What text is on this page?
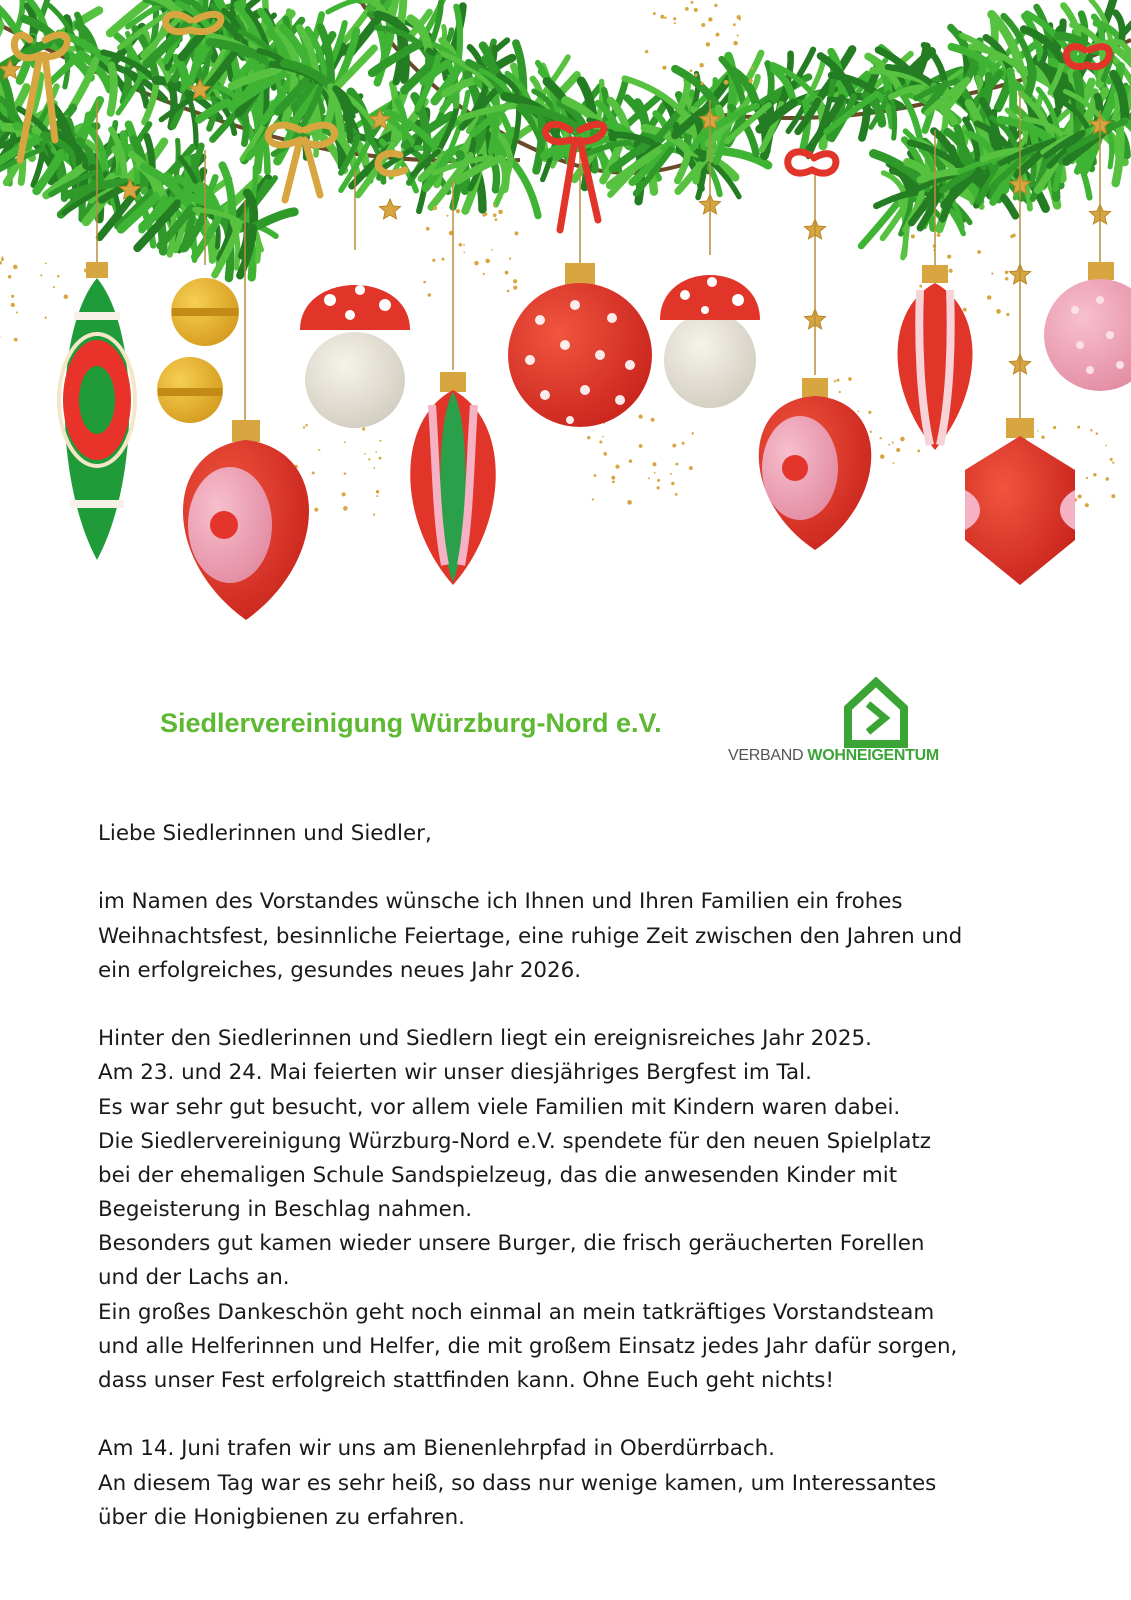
Siedlervereinigung Würzburg-Nord e.V.
VERBAND WOHNEIGENTUM
Liebe Siedlerinnen und Siedler,
im Namen des Vorstandes wünsche ich Ihnen und Ihren Familien ein frohes
Weihnachtsfest, besinnliche Feiertage, eine ruhige Zeit zwischen den Jahren und
ein erfolgreiches, gesundes neues Jahr 2026.
Hinter den Siedlerinnen und Siedlern liegt ein ereignisreiches Jahr 2025.
Am 23. und 24. Mai feierten wir unser diesjähriges Bergfest im Tal.
Es war sehr gut besucht, vor allem viele Familien mit Kindern waren dabei.
Die Siedlervereinigung Würzburg-Nord e.V. spendete für den neuen Spielplatz
bei der ehemaligen Schule Sandspielzeug, das die anwesenden Kinder mit
Begeisterung in Beschlag nahmen.
Besonders gut kamen wieder unsere Burger, die frisch geräucherten Forellen
und der Lachs an.
Ein großes Dankeschön geht noch einmal an mein tatkräftiges Vorstandsteam
und alle Helferinnen und Helfer, die mit großem Einsatz jedes Jahr dafür sorgen,
dass unser Fest erfolgreich stattfinden kann. Ohne Euch geht nichts!
Am 14. Juni trafen wir uns am Bienenlehrpfad in Oberdürrbach.
An diesem Tag war es sehr heiß, so dass nur wenige kamen, um Interessantes
über die Honigbienen zu erfahren.
